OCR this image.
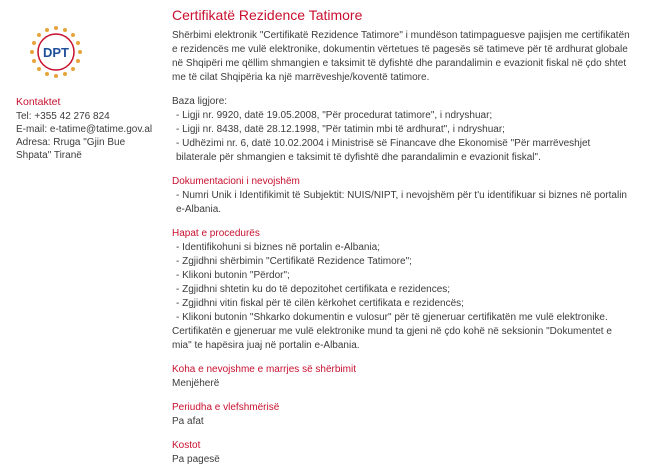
DPT
Kontaktet
Tel: +355 42 276 824
E-mail: e-tatime@tatime.gov.al
Adresa: Rruga "Gjin Bue
Shpata" Tiranë
Certifikatë Rezidence Tatimore

Shërbimi elektronik "Certifikatë Rezidence Tatimore" i mundëson tatimpaguesve pajisjen me certifikatën e rezidencës me vulë elektronike, dokumentin vërtetues të pagesës së tatimeve për të ardhurat globale në Shqipëri me qëllim shmangien e taksimit të dyfishtë dhe parandalimin e evazionit fiskal në çdo shtet me të cilat Shqipëria ka një marrëveshje/koventë tatimore.

Baza ligjore:
- Ligji nr. 9920, datë 19.05.2008, "Për procedurat tatimore", i ndryshuar;
- Ligji nr. 8438, datë 28.12.1998, "Për tatimin mbi të ardhurat", i ndryshuar;
- Udhëzimi nr. 6, datë 10.02.2004 i Ministrisë së Financave dhe Ekonomisë "Për marrëveshjet bilaterale për shmangien e taksimit të dyfishtë dhe parandalimin e evazionit fiskal".
Dokumentacioni i nevojshëm
- Numri Unik i Identifikimit të Subjektit: NUIS/NIPT, i nevojshëm për t'u identifikuar si biznes në portalin e-Albania.
Hapat e procedurës
- Identifikohuni si biznes në portalin e-Albania;
- Zgjidhni shërbimin "Certifikatë Rezidence Tatimore";
- Klikoni butonin "Përdor";
- Zgjidhni shtetin ku do të depozitohet certifikata e rezidences;
- Zgjidhni vitin fiskal për të cilën kërkohet certifikata e rezidencës;
- Klikoni butonin "Shkarko dokumentin e vulosur" për të gjeneruar certifikatën me vulë elektronike.

Certifikatën e gjeneruar me vulë elektronike mund ta gjeni në çdo kohë në seksionin "Dokumentet e mia" te hapësira juaj në portalin e-Albania.

Koha e nevojshme e marrjes së shërbimit
Menjëherë
Periudha e vlefshmërisë
Pa afat
Kostot
Pa pagesë
